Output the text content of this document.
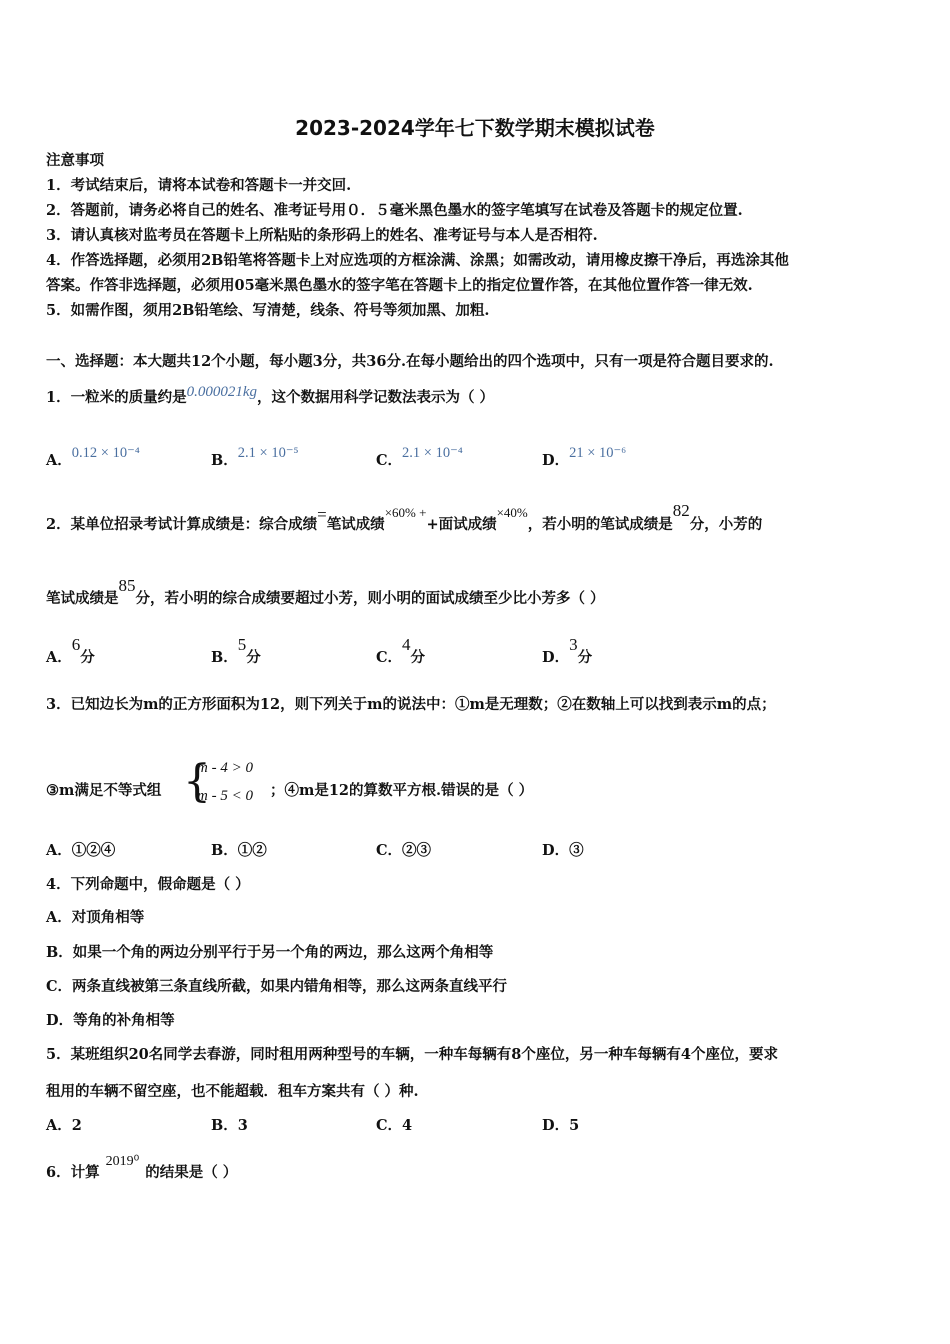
2023-2024学年七下数学期末模拟试卷
注意事项
1．考试结束后，请将本试卷和答题卡一并交回.
2．答题前，请务必将自己的姓名、准考证号用０．５毫米黑色墨水的签字笔填写在试卷及答题卡的规定位置.
3．请认真核对监考员在答题卡上所粘贴的条形码上的姓名、准考证号与本人是否相符.
4．作答选择题，必须用2B铅笔将答题卡上对应选项的方框涂满、涂黑；如需改动，请用橡皮擦干净后，再选涂其他
答案。作答非选择题，必须用05毫米黑色墨水的签字笔在答题卡上的指定位置作答，在其他位置作答一律无效.
5．如需作图，须用2B铅笔绘、写清楚，线条、符号等须加黑、加粗.
一、选择题：本大题共12个小题，每小题3分，共36分.在每小题给出的四个选项中，只有一项是符合题目要求的.
1．一粒米的质量约是0.000021kg，这个数据用科学记数法表示为（ ）
A．0.12 × 10⁻⁴	B．2.1 × 10⁻⁵	C．2.1 × 10⁻⁴	D．21 × 10⁻⁶
2．某单位招录考试计算成绩是：综合成绩=笔试成绩×60% ++面试成绩×40%，若小明的笔试成绩是82分，小芳的
笔试成绩是85分，若小明的综合成绩要超过小芳，则小明的面试成绩至少比小芳多（ ）
A．6分	B．5分	C．4分	D．3分
3．已知边长为m的正方形面积为12，则下列关于m的说法中：①m是无理数；②在数轴上可以找到表示m的点；
③m满足不等式组 {
m - 4 > 0
m - 5 < 0 ；④m是12的算数平方根.错误的是（ ）
A．①②④	B．①②	C．②③	D．③
4．下列命题中，假命题是（ ）
A．对顶角相等
B．如果一个角的两边分别平行于另一个角的两边，那么这两个角相等
C．两条直线被第三条直线所截，如果内错角相等，那么这两条直线平行
D．等角的补角相等
5．某班组织20名同学去春游，同时租用两种型号的车辆，一种车每辆有8个座位，另一种车每辆有4个座位，要求
租用的车辆不留空座，也不能超载．租车方案共有（ ）种.
A．2	B．3	C．4	D．5
6．计算2019⁰的结果是（ ）
